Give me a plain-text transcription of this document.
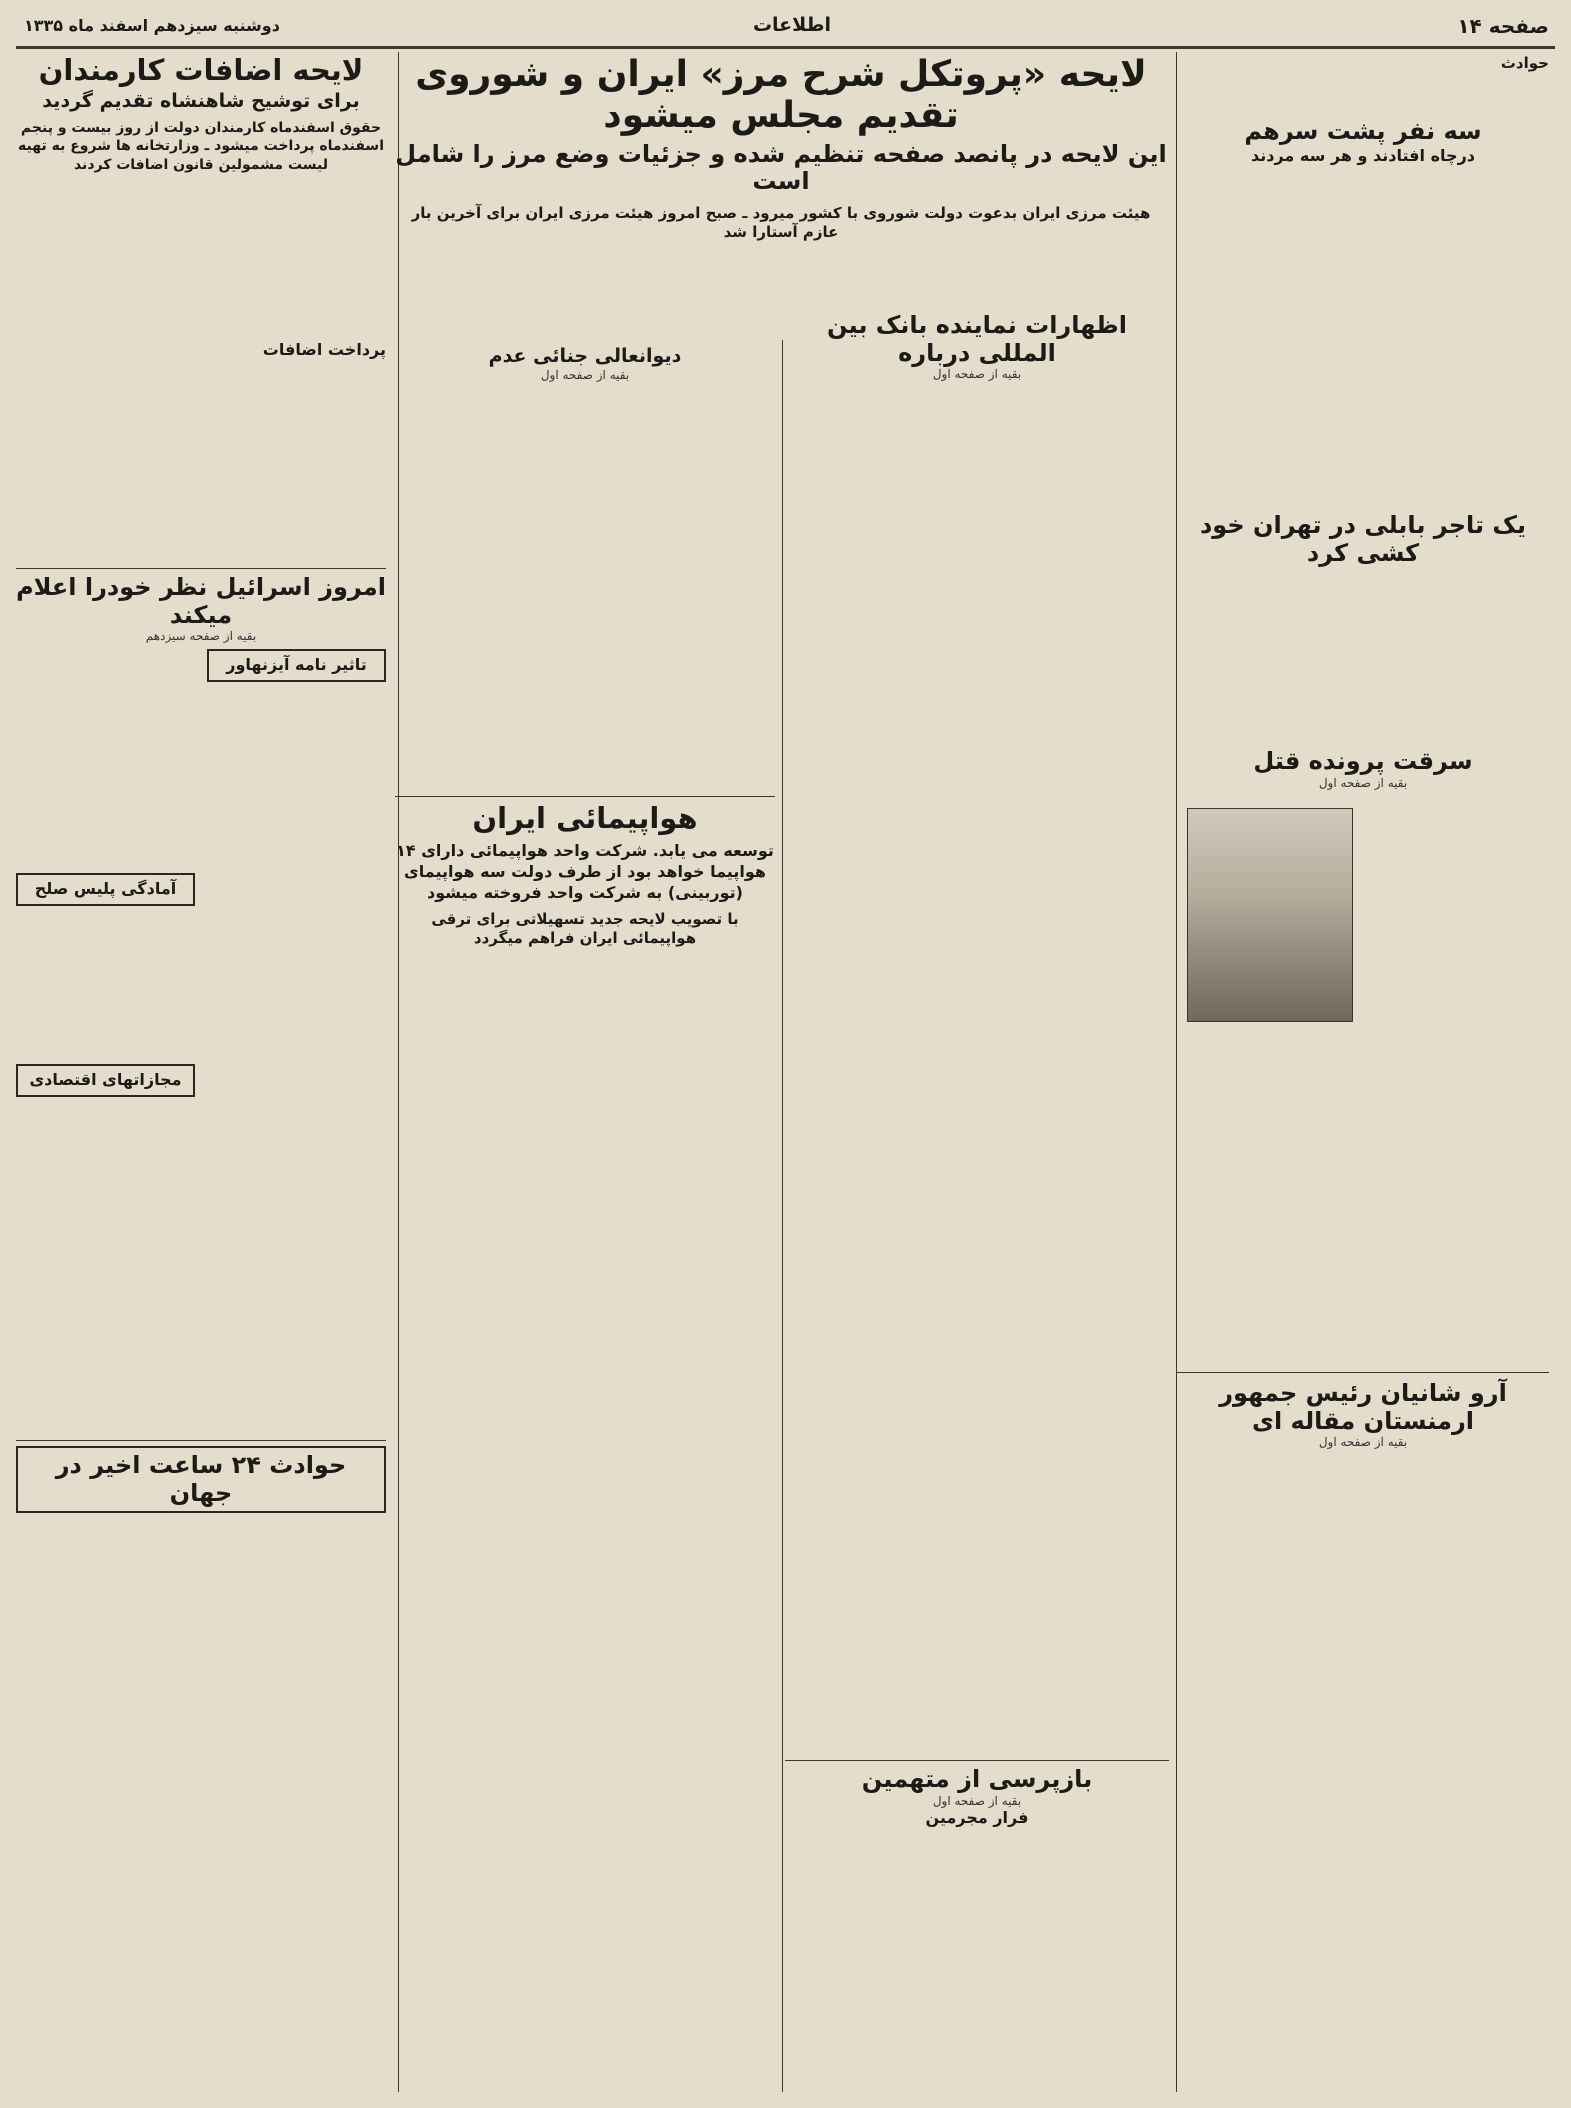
صفحه ۱۴
اطلاعات
دوشنبه سیزدهم اسفند ماه ۱۳۳۵
حوادث
سه نفر پشت سرهم
درچاه افتادند و هر سه مردند
یک تاجر بابلی در تهران خود کشی کرد
سرقت پرونده قتل
بقیه از صفحه اول
آرو شانیان رئیس جمهور ارمنستان مقاله ای
بقیه از صفحه اول
لایحه «پروتکل شرح مرز» ایران و شوروی تقدیم مجلس میشود
این لایحه در پانصد صفحه تنظیم شده و جزئیات وضع مرز را شامل است
هیئت مرزی ایران بدعوت دولت شوروی با کشور میرود ـ صبح امروز هیئت مرزی ایران برای آخرین بار عازم آستارا شد
اظهارات نماینده بانک بین المللی درباره
بقیه از صفحه اول
دیوانعالی جنائی عدم
بقیه از صفحه اول
هواپیمائی ایران
توسعه می یابد. شرکت واحد هواپیمائی دارای ۱۴ هواپیما خواهد بود از طرف دولت سه هواپیمای (توربینی) به شرکت واحد فروخته میشود
با تصویب لایحه جدید تسهیلاتی برای ترقی هواپیمائی ایران فراهم میگردد
بازپرسی از متهمین
بقیه از صفحه اول
فرار مجرمین
لایحه اضافات کارمندان
برای توشیح شاهنشاه تقدیم گردید
حقوق اسفندماه کارمندان دولت از روز بیست و پنجم اسفندماه پرداخت میشود ـ وزارتخانه ها شروع به تهیه لیست مشمولین قانون اضافات کردند
پرداخت اضافات
امروز اسرائیل نظر خودرا اعلام میکند
بقیه از صفحه سیزدهم
تاثیر نامه آیزنهاور
آمادگی پلیس صلح
مجازاتهای اقتصادی
حوادث ۲۴ ساعت اخیر در جهان
